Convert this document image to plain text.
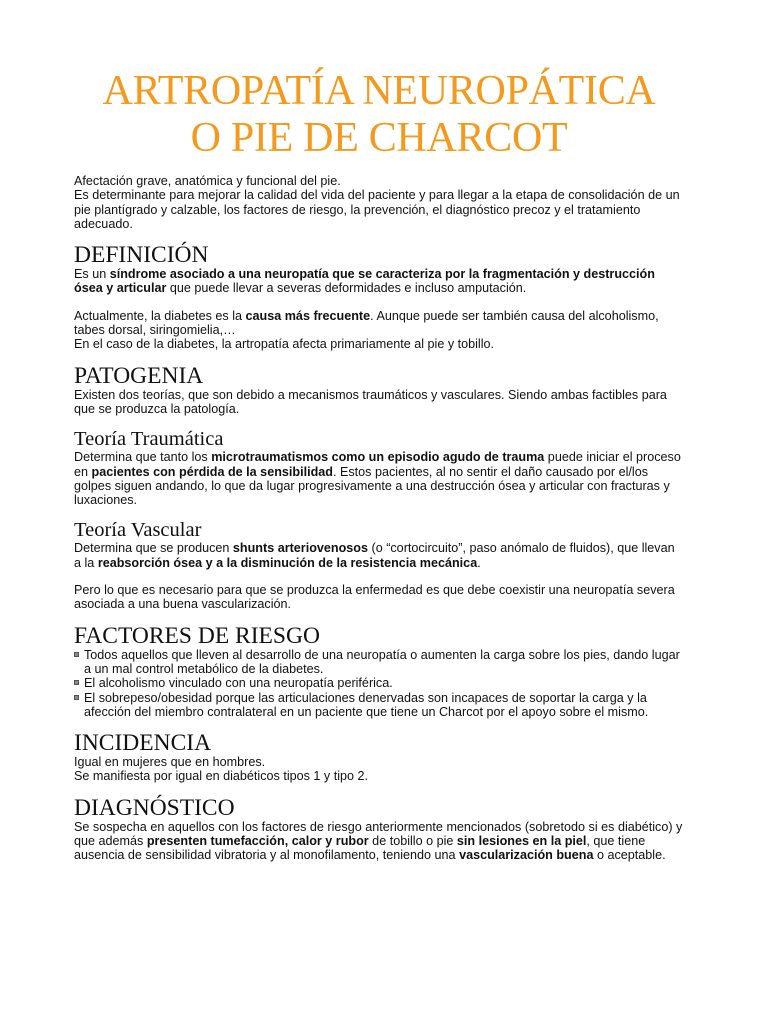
ARTROPATÍA NEUROPÁTICA
O PIE DE CHARCOT

Afectación grave, anatómica y funcional del pie.

Es determinante para mejorar la calidad del vida del paciente y para llegar a la etapa de consolidación de un pie plantígrado y calzable, los factores de riesgo, la prevención, el diagnóstico precoz y el tratamiento adecuado.

DEFINICIÓN

Es un síndrome asociado a una neuropatía que se caracteriza por la fragmentación y destrucción ósea y articular que puede llevar a severas deformidades e incluso amputación.

Actualmente, la diabetes es la causa más frecuente. Aunque puede ser también causa del alcoholismo, tabes dorsal, siringomielia,…

En el caso de la diabetes, la artropatía afecta primariamente al pie y tobillo.

PATOGENIA

Existen dos teorías, que son debido a mecanismos traumáticos y vasculares. Siendo ambas factibles para que se produzca la patología.

Teoría Traumática

Determina que tanto los microtraumatismos como un episodio agudo de trauma puede iniciar el proceso en pacientes con pérdida de la sensibilidad. Estos pacientes, al no sentir el daño causado por el/los golpes siguen andando, lo que da lugar progresivamente a una destrucción ósea y articular con fracturas y luxaciones.

Teoría Vascular

Determina que se producen shunts arteriovenosos (o “cortocircuito”, paso anómalo de fluidos), que llevan a la reabsorción ósea y a la disminución de la resistencia mecánica.

Pero lo que es necesario para que se produzca la enfermedad es que debe coexistir una neuropatía severa asociada a una buena vascularización.

FACTORES DE RIESGO
Todos aquellos que lleven al desarrollo de una neuropatía o aumenten la carga sobre los pies, dando lugar a un mal control metabólico de la diabetes.
El alcoholismo vinculado con una neuropatía periférica.
El sobrepeso/obesidad porque las articulaciones denervadas son incapaces de soportar la carga y la afección del miembro contralateral en un paciente que tiene un Charcot por el apoyo sobre el mismo.
INCIDENCIA

Igual en mujeres que en hombres.

Se manifiesta por igual en diabéticos tipos 1 y tipo 2.

DIAGNÓSTICO

Se sospecha en aquellos con los factores de riesgo anteriormente mencionados (sobretodo si es diabético) y que además presenten tumefacción, calor y rubor de tobillo o pie sin lesiones en la piel, que tiene ausencia de sensibilidad vibratoria y al monofilamento, teniendo una vascularización buena o aceptable.
